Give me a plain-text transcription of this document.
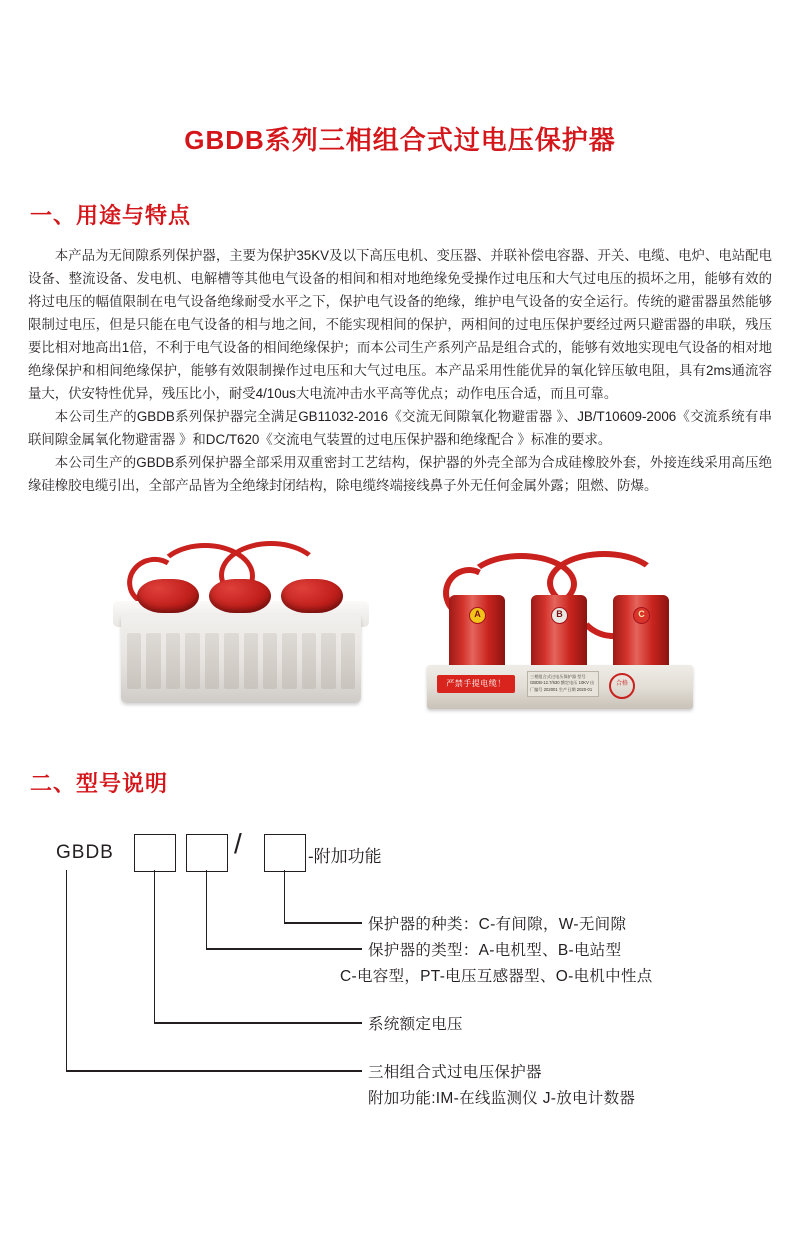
GBDB系列三相组合式过电压保护器
一、用途与特点

本产品为无间隙系列保护器，主要为保护35KV及以下高压电机、变压器、并联补偿电容器、开关、电缆、电炉、电站配电设备、整流设备、发电机、电解槽等其他电气设备的相间和相对地绝缘免受操作过电压和大气过电压的损坏之用，能够有效的将过电压的幅值限制在电气设备绝缘耐受水平之下，保护电气设备的绝缘，维护电气设备的安全运行。传统的避雷器虽然能够限制过电压，但是只能在电气设备的相与地之间，不能实现相间的保护，两相间的过电压保护要经过两只避雷器的串联，残压要比相对地高出1倍，不利于电气设备的相间绝缘保护；而本公司生产系列产品是组合式的，能够有效地实现电气设备的相对地绝缘保护和相间绝缘保护，能够有效限制操作过电压和大气过电压。本产品采用性能优异的氧化锌压敏电阻，具有2ms通流容量大，伏安特性优异，残压比小，耐受4/10us大电流冲击水平高等优点；动作电压合适，而且可靠。

本公司生产的GBDB系列保护器完全满足GB11032-2016《交流无间隙氧化物避雷器 》、JB/T10609-2006《交流系统有串联间隙金属氧化物避雷器 》和DC/T620《交流电气装置的过电压保护器和绝缘配合 》标准的要求。

本公司生产的GBDB系列保护器全部采用双重密封工艺结构，保护器的外壳全部为合成硅橡胶外套，外接连线采用高压绝缘硅橡胶电缆引出，全部产品皆为全绝缘封闭结构，除电缆终端接线鼻子外无任何金属外露；阻燃、防爆。

A	B	C
严禁手提电缆！
三相组合式过电压保护器 型号 GBDB-12.7/630 额定电压 10KV 出厂编号 202001 生产日期 2020-01
合格
二、型号说明
GBDB	/	-附加功能
保护器的种类：C-有间隙，W-无间隙
保护器的类型：A-电机型、B-电站型
C-电容型，PT-电压互感器型、O-电机中性点
系统额定电压
三相组合式过电压保护器
附加功能:IM-在线监测仪 J-放电计数器
